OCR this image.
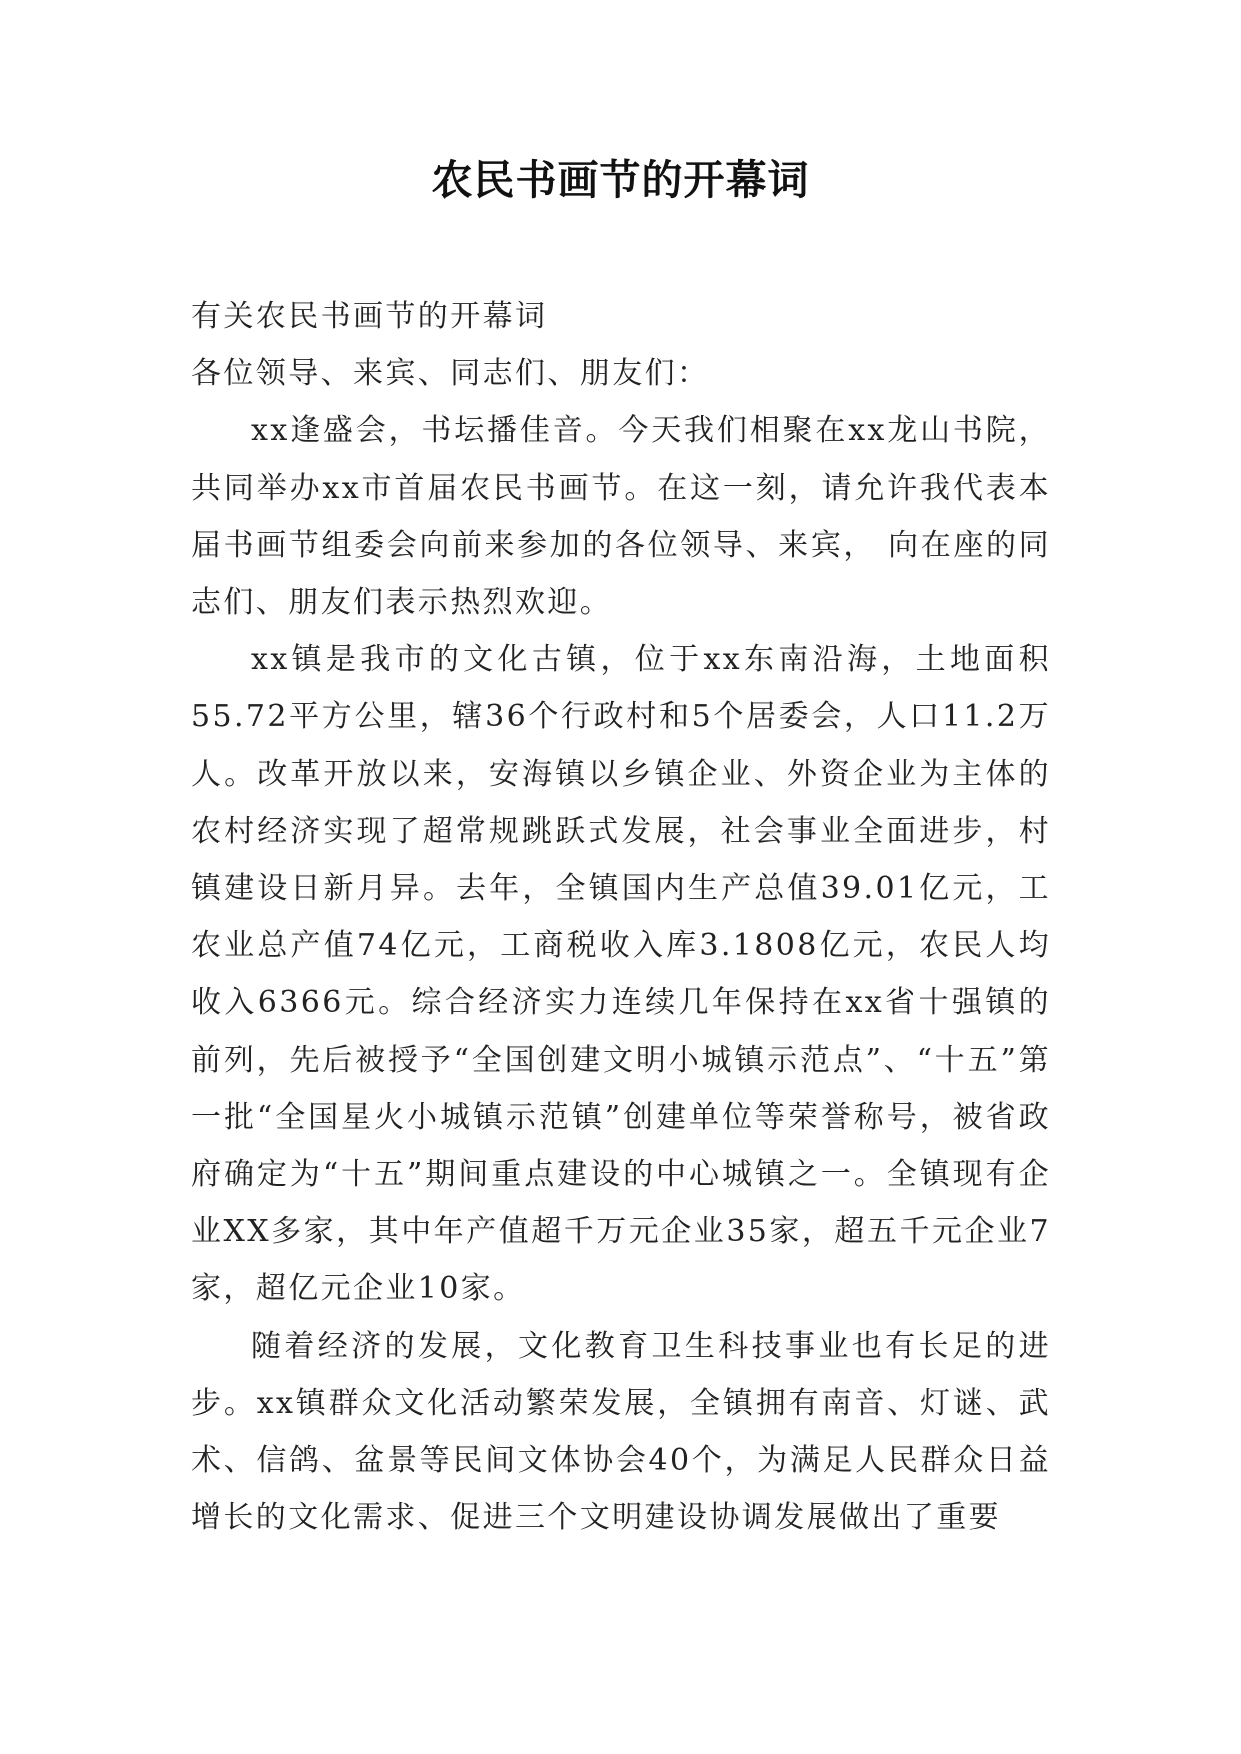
农民书画节的开幕词

有关农民书画节的开幕词

各位领导、来宾、同志们、朋友们：

xx逢盛会，书坛播佳音。今天我们相聚在xx龙山书院，共同举办xx市首届农民书画节。在这一刻，请允许我代表本届书画节组委会向前来参加的各位领导、来宾， 向在座的同志们、朋友们表示热烈欢迎。

xx镇是我市的文化古镇，位于xx东南沿海，土地面积55.72平方公里，辖36个行政村和5个居委会，人口11.2万人。改革开放以来，安海镇以乡镇企业、外资企业为主体的农村经济实现了超常规跳跃式发展，社会事业全面进步，村镇建设日新月异。去年，全镇国内生产总值39.01亿元，工农业总产值74亿元，工商税收入库3.1808亿元，农民人均收入6366元。综合经济实力连续几年保持在xx省十强镇的前列，先后被授予“全国创建文明小城镇示范点”、“十五”第一批“全国星火小城镇示范镇”创建单位等荣誉称号，被省政府确定为“十五”期间重点建设的中心城镇之一。全镇现有企业XX多家，其中年产值超千万元企业35家，超五千元企业7家，超亿元企业10家。

随着经济的发展，文化教育卫生科技事业也有长足的进步。xx镇群众文化活动繁荣发展，全镇拥有南音、灯谜、武术、信鸽、盆景等民间文体协会40个，为满足人民群众日益增长的文化需求、促进三个文明建设协调发展做出了重要
